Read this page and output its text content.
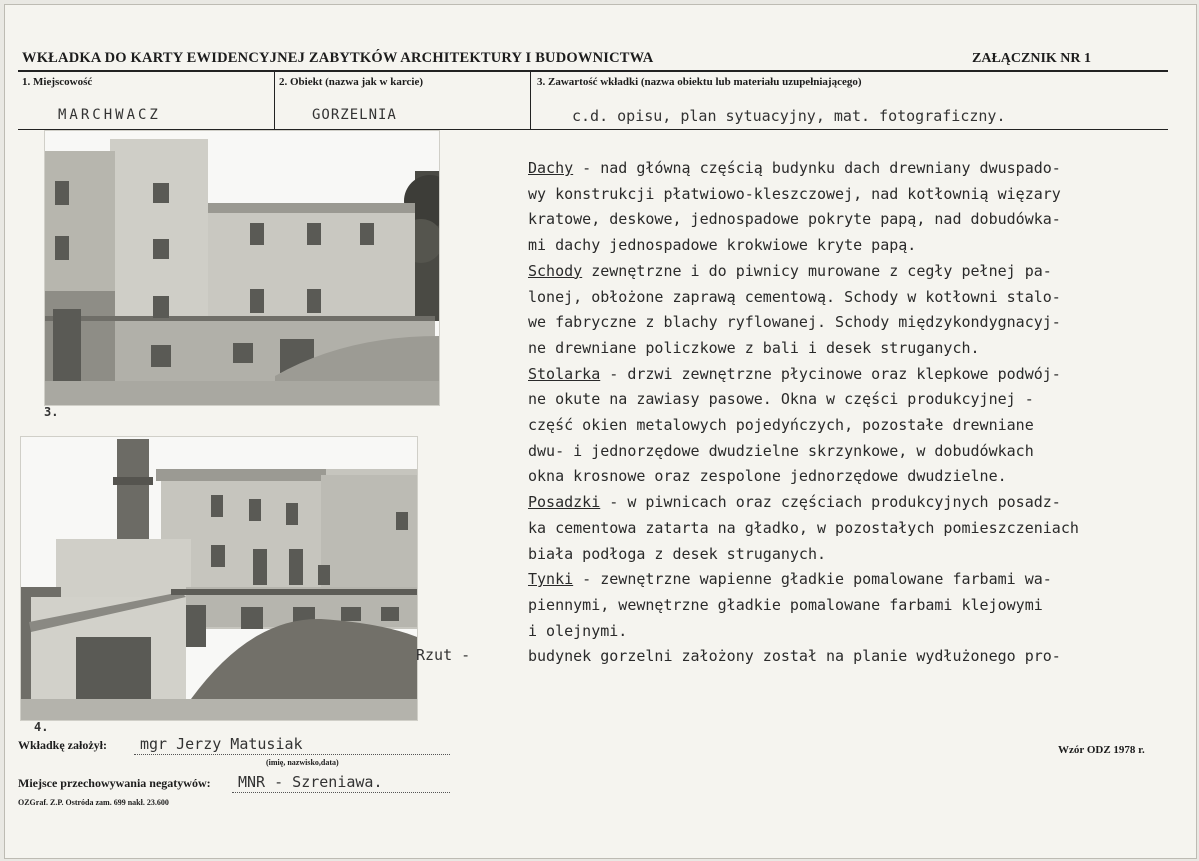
WKŁADKA DO KARTY EWIDENCYJNEJ ZABYTKÓW ARCHITEKTURY I BUDOWNICTWA	ZAŁĄCZNIK NR 1
1. Miejscowość
MARCHWACZ
2. Obiekt (nazwa jak w karcie)
GORZELNIA
3. Zawartość wkładki (nazwa obiektu lub materiału uzupełniającego)
c.d. opisu, plan sytuacyjny, mat. fotograficzny.
3.
4.
Rzut -
Dachy - nad główną częścią budynku dach drewniany dwuspado-
wy konstrukcji płatwiowo-kleszczowej, nad kotłownią więzary
kratowe, deskowe, jednospadowe pokryte papą, nad dobudówka-
mi dachy jednospadowe krokwiowe kryte papą.
Schody zewnętrzne i do piwnicy murowane z cegły pełnej pa-
lonej, obłożone zaprawą cementową. Schody w kotłowni stalo-
we fabryczne z blachy ryflowanej. Schody międzykondygnacyj-
ne drewniane policzkowe z bali i desek struganych.
Stolarka - drzwi zewnętrzne płycinowe oraz klepkowe podwój-
ne okute na zawiasy pasowe. Okna w części produkcyjnej -
część okien metalowych pojedyńczych, pozostałe drewniane
dwu- i jednorzędowe dwudzielne skrzynkowe, w dobudówkach
okna krosnowe oraz zespolone jednorzędowe dwudzielne.
Posadzki - w piwnicach oraz częściach produkcyjnych posadz-
ka cementowa zatarta na gładko, w pozostałych pomieszczeniach
biała podłoga z desek struganych.
Tynki - zewnętrzne wapienne gładkie pomalowane farbami wa-
piennymi, wewnętrzne gładkie pomalowane farbami klejowymi
i olejnymi.
budynek gorzelni założony został na planie wydłużonego pro-
Wkładkę założył: mgr Jerzy Matusiak
(imię, nazwisko,data)
Miejsce przechowywania negatywów: MNR - Szreniawa.
OZGraf. Z.P. Ostróda zam. 699 nakł. 23.600
Wzór ODZ 1978 r.
